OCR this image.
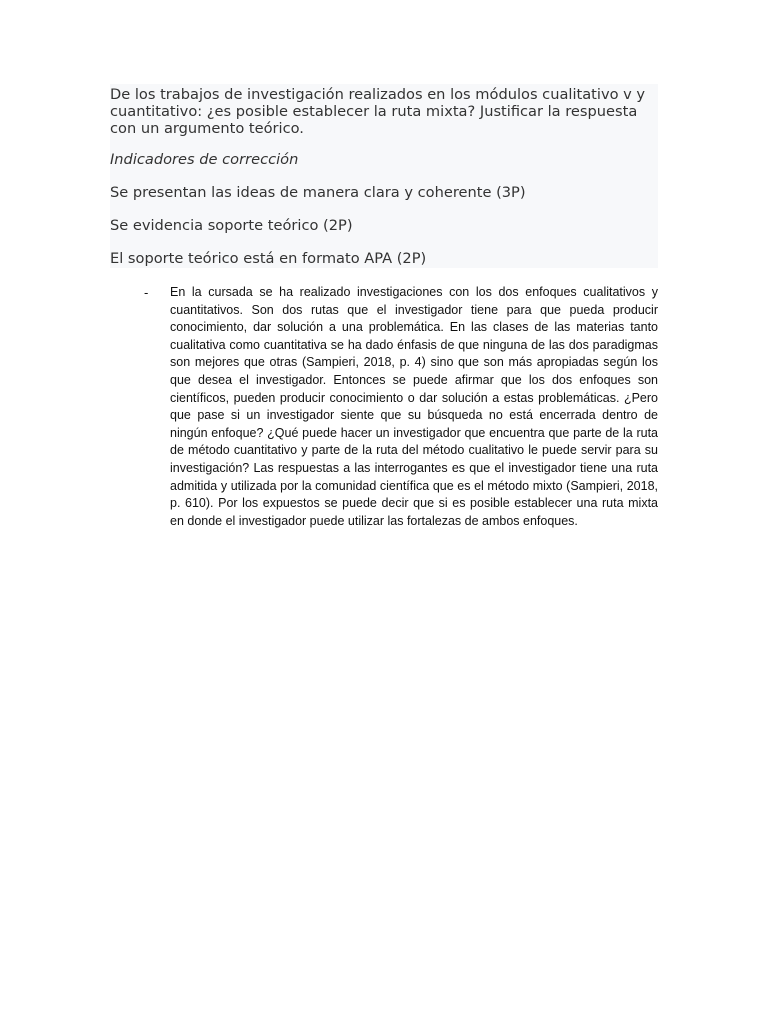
De los trabajos de investigación realizados en los módulos cualitativo v y cuantitativo: ¿es posible establecer la ruta mixta? Justificar la respuesta con un argumento teórico.

Indicadores de corrección

Se presentan las ideas de manera clara y coherente (3P)

Se evidencia soporte teórico (2P)

El soporte teórico está en formato APA (2P)

- En la cursada se ha realizado investigaciones con los dos enfoques cualitativos y cuantitativos. Son dos rutas que el investigador tiene para que pueda producir conocimiento, dar solución a una problemática. En las clases de las materias tanto cualitativa como cuantitativa se ha dado énfasis de que ninguna de las dos paradigmas son mejores que otras (Sampieri, 2018, p. 4) sino que son más apropiadas según los que desea el investigador. Entonces se puede afirmar que los dos enfoques son científicos, pueden producir conocimiento o dar solución a estas problemáticas. ¿Pero que pase si un investigador siente que su búsqueda no está encerrada dentro de ningún enfoque? ¿Qué puede hacer un investigador que encuentra que parte de la ruta de método cuantitativo y parte de la ruta del método cualitativo le puede servir para su investigación? Las respuestas a las interrogantes es que el investigador tiene una ruta admitida y utilizada por la comunidad científica que es el método mixto (Sampieri, 2018, p. 610). Por los expuestos se puede decir que si es posible establecer una ruta mixta en donde el investigador puede utilizar las fortalezas de ambos enfoques.
